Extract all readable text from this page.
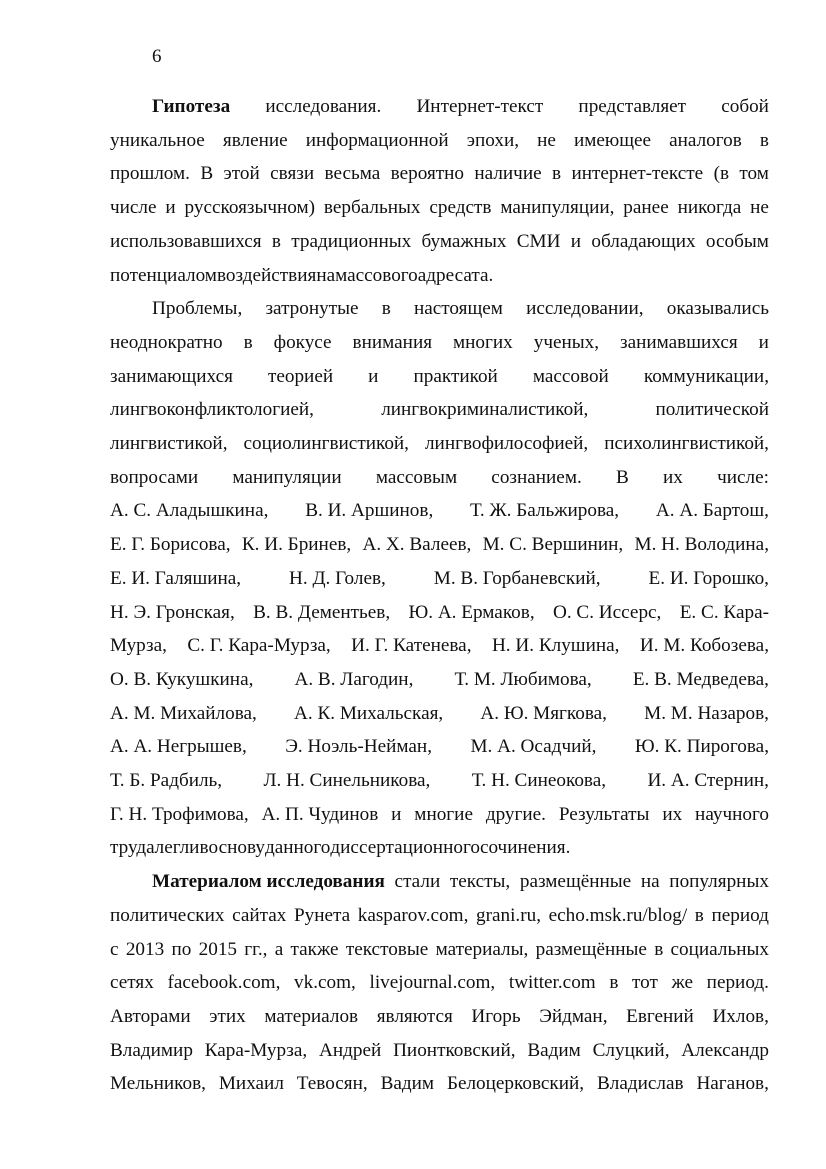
6
Гипотеза исследования. Интернет-текст представляет собой
уникальное явление информационной эпохи, не имеющее аналогов в
прошлом. В этой связи весьма вероятно наличие в интернет-тексте (в том
числе и русскоязычном) вербальных средств манипуляции, ранее никогда не
использовавшихся в традиционных бумажных СМИ и обладающих особым
потенциалом воздействия на массового адресата.
Проблемы, затронутые в настоящем исследовании, оказывались
неоднократно в фокусе внимания многих ученых, занимавшихся и
занимающихся теорией и практикой массовой коммуникации,
лингвоконфликтологией,	лингвокриминалистикой,	политической
лингвистикой, социолингвистикой, лингвофилософией, психолингвистикой,
вопросами манипуляции массовым сознанием. В их числе:
А. С. Аладышкина, В. И. Аршинов, Т. Ж. Бальжирова, А. А. Бартош,
Е. Г. Борисова, К. И. Бринев, А. Х. Валеев, М. С. Вершинин, М. Н. Володина,
Е. И. Галяшина, Н. Д. Голев, М. В. Горбаневский, Е. И. Горошко,
Н. Э. Гронская, В. В. Дементьев, Ю. А. Ермаков, О. С. Иссерс, Е. С. Кара-
Мурза, С. Г. Кара-Мурза, И. Г. Катенева, Н. И. Клушина, И. М. Кобозева,
О. В. Кукушкина, А. В. Лагодин, Т. М. Любимова, Е. В. Медведева,
А. М. Михайлова, А. К. Михальская, А. Ю. Мягкова, М. М. Назаров,
А. А. Негрышев, Э. Ноэль-Нейман, М. А. Осадчий, Ю. К. Пирогова,
Т. Б. Радбиль, Л. Н. Синельникова, Т. Н. Синеокова, И. А. Стернин,
Г. Н. Трофимова, А. П. Чудинов и многие другие. Результаты их научного
труда легли в основу данного диссертационного сочинения.
Материалом исследования стали тексты, размещённые на популярных
политических сайтах Рунета kasparov.com, grani.ru, echo.msk.ru/blog/ в период
с 2013 по 2015 гг., а также текстовые материалы, размещённые в социальных
сетях facebook.com, vk.com, livejournal.com, twitter.com в тот же период.
Авторами этих материалов являются Игорь Эйдман, Евгений Ихлов,
Владимир Кара-Мурза, Андрей Пионтковский, Вадим Слуцкий, Александр
Мельников, Михаил Тевосян, Вадим Белоцерковский, Владислав Наганов,
